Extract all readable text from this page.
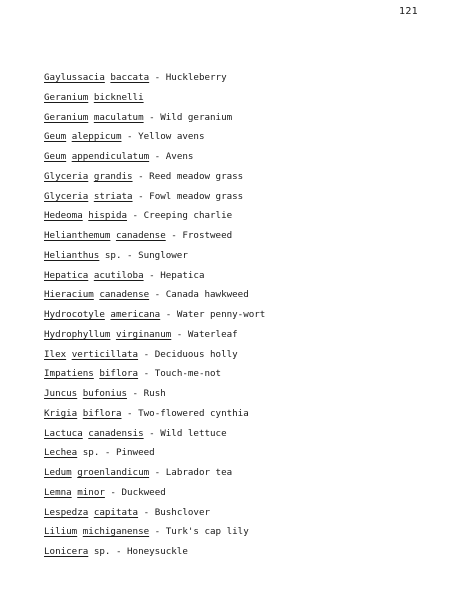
121
Gaylussacia baccata - Huckleberry
Geranium bicknelli
Geranium maculatum - Wild geranium
Geum aleppicum - Yellow avens
Geum appendiculatum - Avens
Glyceria grandis - Reed meadow grass
Glyceria striata - Fowl meadow grass
Hedeoma hispida - Creeping charlie
Helianthemum canadense - Frostweed
Helianthus sp. - Sunglower
Hepatica acutiloba - Hepatica
Hieracium canadense - Canada hawkweed
Hydrocotyle americana - Water penny-wort
Hydrophyllum virginanum - Waterleaf
Ilex verticillata - Deciduous holly
Impatiens biflora - Touch-me-not
Juncus bufonius - Rush
Krigia biflora - Two-flowered cynthia
Lactuca canadensis - Wild lettuce
Lechea sp. - Pinweed
Ledum groenlandicum - Labrador tea
Lemna minor - Duckweed
Lespedza capitata - Bushclover
Lilium michiganense - Turk's cap lily
Lonicera sp. - Honeysuckle
